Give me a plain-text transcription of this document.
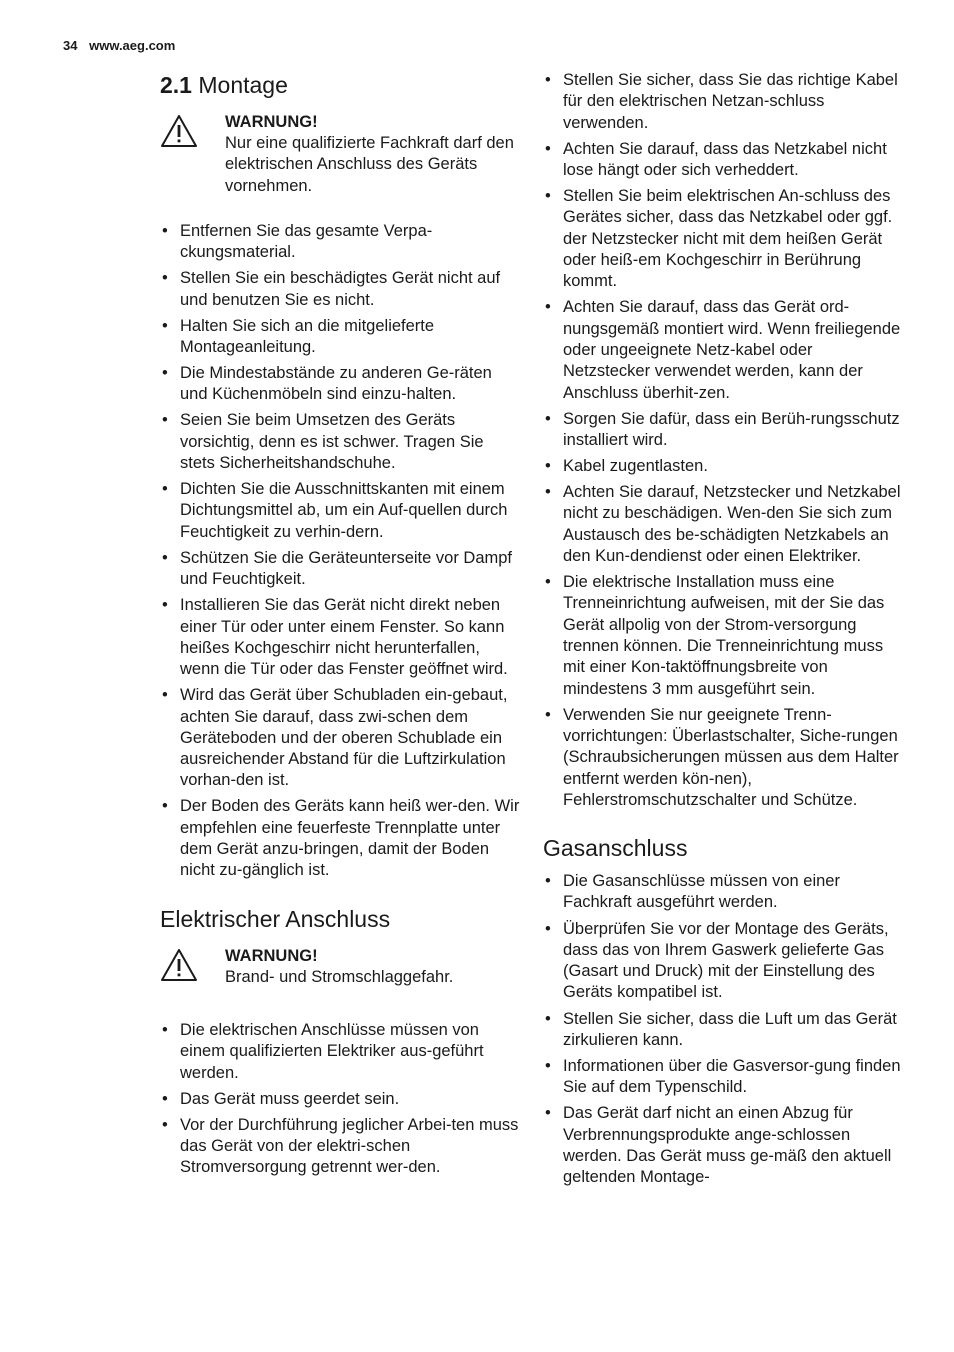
34 www.aeg.com
2.1 Montage
WARNUNG!
Nur eine qualifizierte Fachkraft darf den elektrischen Anschluss des Geräts vornehmen.
• Entfernen Sie das gesamte Verpa-ckungsmaterial.
• Stellen Sie ein beschädigtes Gerät nicht auf und benutzen Sie es nicht.
• Halten Sie sich an die mitgelieferte Montageanleitung.
• Die Mindestabstände zu anderen Ge-räten und Küchenmöbeln sind einzu-halten.
• Seien Sie beim Umsetzen des Geräts vorsichtig, denn es ist schwer. Tragen Sie stets Sicherheitshandschuhe.
• Dichten Sie die Ausschnittskanten mit einem Dichtungsmittel ab, um ein Auf-quellen durch Feuchtigkeit zu verhin-dern.
• Schützen Sie die Geräteunterseite vor Dampf und Feuchtigkeit.
• Installieren Sie das Gerät nicht direkt neben einer Tür oder unter einem Fenster. So kann heißes Kochgeschirr nicht herunterfallen, wenn die Tür oder das Fenster geöffnet wird.
• Wird das Gerät über Schubladen ein-gebaut, achten Sie darauf, dass zwi-schen dem Geräteboden und der oberen Schublade ein ausreichender Abstand für die Luftzirkulation vorhan-den ist.
• Der Boden des Geräts kann heiß wer-den. Wir empfehlen eine feuerfeste Trennplatte unter dem Gerät anzu-bringen, damit der Boden nicht zu-gänglich ist.
Elektrischer Anschluss
WARNUNG!
Brand- und Stromschlaggefahr.
• Die elektrischen Anschlüsse müssen von einem qualifizierten Elektriker aus-geführt werden.
• Das Gerät muss geerdet sein.
• Vor der Durchführung jeglicher Arbei-ten muss das Gerät von der elektri-schen Stromversorgung getrennt wer-den.
• Stellen Sie sicher, dass Sie das richtige Kabel für den elektrischen Netzan-schluss verwenden.
• Achten Sie darauf, dass das Netzkabel nicht lose hängt oder sich verheddert.
• Stellen Sie beim elektrischen An-schluss des Gerätes sicher, dass das Netzkabel oder ggf. der Netzstecker nicht mit dem heißen Gerät oder heiß-em Kochgeschirr in Berührung kommt.
• Achten Sie darauf, dass das Gerät ord-nungsgemäß montiert wird. Wenn freiliegende oder ungeeignete Netz-kabel oder Netzstecker verwendet werden, kann der Anschluss überhit-zen.
• Sorgen Sie dafür, dass ein Berüh-rungsschutz installiert wird.
• Kabel zugentlasten.
• Achten Sie darauf, Netzstecker und Netzkabel nicht zu beschädigen. Wen-den Sie sich zum Austausch des be-schädigten Netzkabels an den Kun-dendienst oder einen Elektriker.
• Die elektrische Installation muss eine Trenneinrichtung aufweisen, mit der Sie das Gerät allpolig von der Strom-versorgung trennen können. Die Trenneinrichtung muss mit einer Kon-taktöffnungsbreite von mindestens 3 mm ausgeführt sein.
• Verwenden Sie nur geeignete Trenn-vorrichtungen: Überlastschalter, Siche-rungen (Schraubsicherungen müssen aus dem Halter entfernt werden kön-nen), Fehlerstromschutzschalter und Schütze.
Gasanschluss
• Die Gasanschlüsse müssen von einer Fachkraft ausgeführt werden.
• Überprüfen Sie vor der Montage des Geräts, dass das von Ihrem Gaswerk gelieferte Gas (Gasart und Druck) mit der Einstellung des Geräts kompatibel ist.
• Stellen Sie sicher, dass die Luft um das Gerät zirkulieren kann.
• Informationen über die Gasversor-gung finden Sie auf dem Typenschild.
• Das Gerät darf nicht an einen Abzug für Verbrennungsprodukte ange-schlossen werden. Das Gerät muss ge-mäß den aktuell geltenden Montage-
